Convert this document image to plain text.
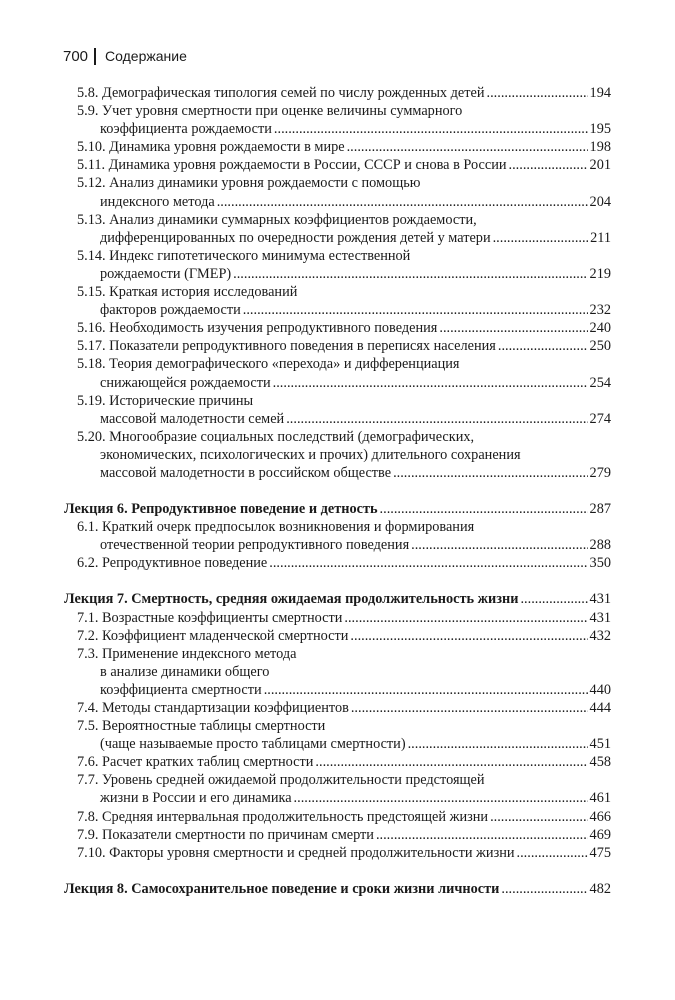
700 Содержание
5.8. Демографическая типология семей по числу рожденных детей .....	194
5.9. Учет уровня смертности при оценке величины суммарного
коэффициента рождаемости .....	195
5.10. Динамика уровня рождаемости в мире .....	198
5.11. Динамика уровня рождаемости в России, СССР и снова в России .....	201
5.12. Анализ динамики уровня рождаемости с помощью
индексного метода .....	204
5.13. Анализ динамики суммарных коэффициентов рождаемости,
дифференцированных по очередности рождения детей у матери .....	211
5.14. Индекс гипотетического минимума естественной
рождаемости (ГМЕР) .....	219
5.15. Краткая история исследований
факторов рождаемости .....	232
5.16. Необходимость изучения репродуктивного поведения .....	240
5.17. Показатели репродуктивного поведения в переписях населения .....	250
5.18. Теория демографического «перехода» и дифференциация
снижающейся рождаемости .....	254
5.19. Исторические причины
массовой малодетности семей .....	274
5.20. Многообразие социальных последствий (демографических,
экономических, психологических и прочих) длительного сохранения
массовой малодетности в российском обществе .....	279
Лекция 6. Репродуктивное поведение и детность .....	287
6.1. Краткий очерк предпосылок возникновения и формирования
отечественной теории репродуктивного поведения .....	288
6.2. Репродуктивное поведение .....	350
Лекция 7. Смертность, средняя ожидаемая продолжительность жизни .....	431
7.1. Возрастные коэффициенты смертности .....	431
7.2. Коэффициент младенческой смертности .....	432
7.3. Применение индексного метода
в анализе динамики общего
коэффициента смертности .....	440
7.4. Методы стандартизации коэффициентов .....	444
7.5. Вероятностные таблицы смертности
(чаще называемые просто таблицами смертности) .....	451
7.6. Расчет кратких таблиц смертности .....	458
7.7. Уровень средней ожидаемой продолжительности предстоящей
жизни в России и его динамика .....	461
7.8. Средняя интервальная продолжительность предстоящей жизни .....	466
7.9. Показатели смертности по причинам смерти .....	469
7.10. Факторы уровня смертности и средней продолжительности жизни .....	475
Лекция 8. Самосохранительное поведение и сроки жизни личности .....	482
